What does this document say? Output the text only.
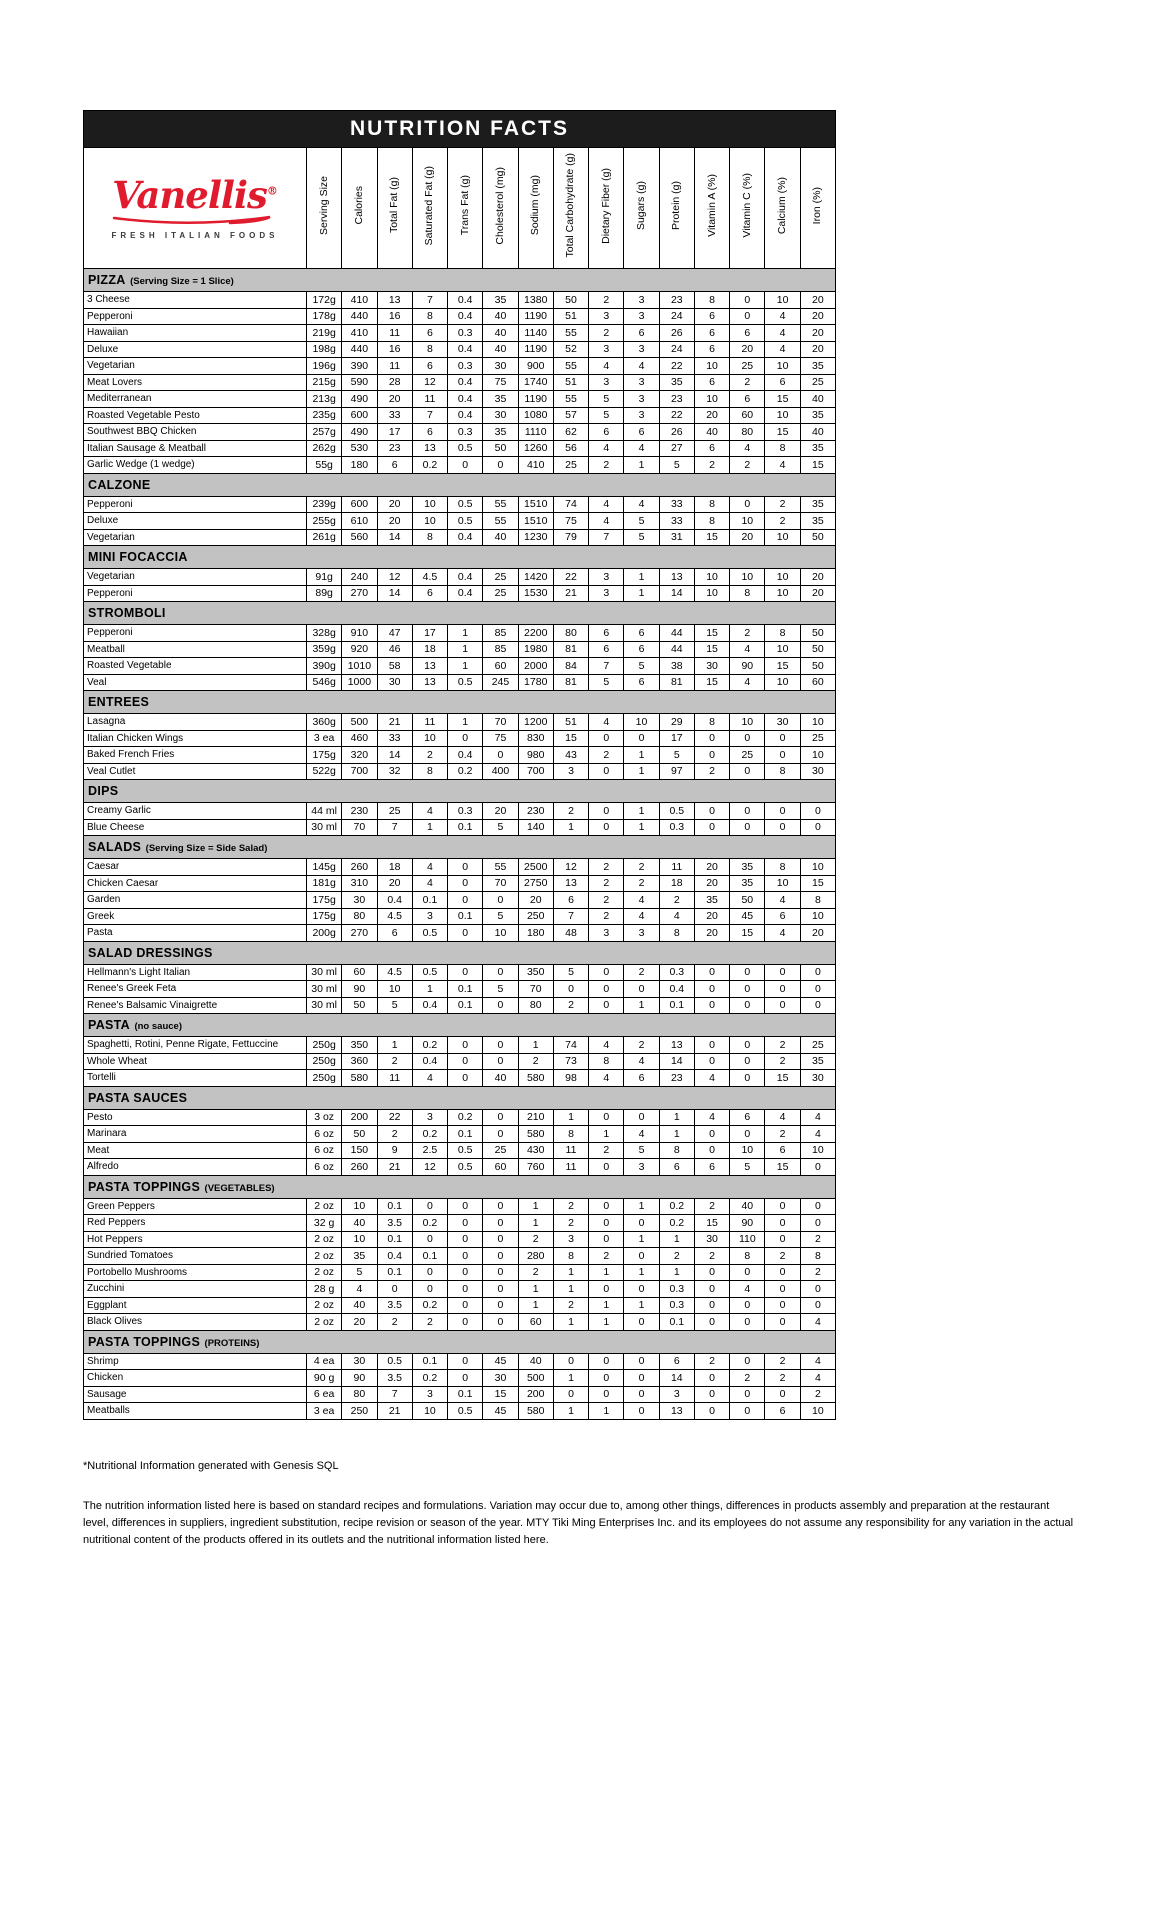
NUTRITION FACTS															

Vanellis®
FRESH ITALIAN FOODS	Serving Size	Calories	Total Fat (g)	Saturated Fat (g)	Trans Fat (g)	Cholesterol (mg)	Sodium (mg)	Total Carbohydrate (g)	Dietary Fiber (g)	Sugars (g)	Protein (g)	Vitamin A (%)	Vitamin C (%)	Calcium (%)	Iron (%)
PIZZA (Serving Size = 1 Slice)															
3 Cheese	172g	410	13	7	0.4	35	1380	50	2	3	23	8	0	10	20
Pepperoni	178g	440	16	8	0.4	40	1190	51	3	3	24	6	0	4	20
Hawaiian	219g	410	11	6	0.3	40	1140	55	2	6	26	6	6	4	20
Deluxe	198g	440	16	8	0.4	40	1190	52	3	3	24	6	20	4	20
Vegetarian	196g	390	11	6	0.3	30	900	55	4	4	22	10	25	10	35
Meat Lovers	215g	590	28	12	0.4	75	1740	51	3	3	35	6	2	6	25
Mediterranean	213g	490	20	11	0.4	35	1190	55	5	3	23	10	6	15	40
Roasted Vegetable Pesto	235g	600	33	7	0.4	30	1080	57	5	3	22	20	60	10	35
Southwest BBQ Chicken	257g	490	17	6	0.3	35	1110	62	6	6	26	40	80	15	40
Italian Sausage & Meatball	262g	530	23	13	0.5	50	1260	56	4	4	27	6	4	8	35
Garlic Wedge (1 wedge)	55g	180	6	0.2	0	0	410	25	2	1	5	2	2	4	15
CALZONE															
Pepperoni	239g	600	20	10	0.5	55	1510	74	4	4	33	8	0	2	35
Deluxe	255g	610	20	10	0.5	55	1510	75	4	5	33	8	10	2	35
Vegetarian	261g	560	14	8	0.4	40	1230	79	7	5	31	15	20	10	50
MINI FOCACCIA															
Vegetarian	91g	240	12	4.5	0.4	25	1420	22	3	1	13	10	10	10	20
Pepperoni	89g	270	14	6	0.4	25	1530	21	3	1	14	10	8	10	20
STROMBOLI															
Pepperoni	328g	910	47	17	1	85	2200	80	6	6	44	15	2	8	50
Meatball	359g	920	46	18	1	85	1980	81	6	6	44	15	4	10	50
Roasted Vegetable	390g	1010	58	13	1	60	2000	84	7	5	38	30	90	15	50
Veal	546g	1000	30	13	0.5	245	1780	81	5	6	81	15	4	10	60
ENTREES															
Lasagna	360g	500	21	11	1	70	1200	51	4	10	29	8	10	30	10
Italian Chicken Wings	3 ea	460	33	10	0	75	830	15	0	0	17	0	0	0	25
Baked French Fries	175g	320	14	2	0.4	0	980	43	2	1	5	0	25	0	10
Veal Cutlet	522g	700	32	8	0.2	400	700	3	0	1	97	2	0	8	30
DIPS															
Creamy Garlic	44 ml	230	25	4	0.3	20	230	2	0	1	0.5	0	0	0	0
Blue Cheese	30 ml	70	7	1	0.1	5	140	1	0	1	0.3	0	0	0	0
SALADS (Serving Size = Side Salad)															
Caesar	145g	260	18	4	0	55	2500	12	2	2	11	20	35	8	10
Chicken Caesar	181g	310	20	4	0	70	2750	13	2	2	18	20	35	10	15
Garden	175g	30	0.4	0.1	0	0	20	6	2	4	2	35	50	4	8
Greek	175g	80	4.5	3	0.1	5	250	7	2	4	4	20	45	6	10
Pasta	200g	270	6	0.5	0	10	180	48	3	3	8	20	15	4	20
SALAD DRESSINGS															
Hellmann's Light Italian	30 ml	60	4.5	0.5	0	0	350	5	0	2	0.3	0	0	0	0
Renee's Greek Feta	30 ml	90	10	1	0.1	5	70	0	0	0	0.4	0	0	0	0
Renee's Balsamic Vinaigrette	30 ml	50	5	0.4	0.1	0	80	2	0	1	0.1	0	0	0	0
PASTA (no sauce)															
Spaghetti, Rotini, Penne Rigate, Fettuccine	250g	350	1	0.2	0	0	1	74	4	2	13	0	0	2	25
Whole Wheat	250g	360	2	0.4	0	0	2	73	8	4	14	0	0	2	35
Tortelli	250g	580	11	4	0	40	580	98	4	6	23	4	0	15	30
PASTA SAUCES															
Pesto	3 oz	200	22	3	0.2	0	210	1	0	0	1	4	6	4	4
Marinara	6 oz	50	2	0.2	0.1	0	580	8	1	4	1	0	0	2	4
Meat	6 oz	150	9	2.5	0.5	25	430	11	2	5	8	0	10	6	10
Alfredo	6 oz	260	21	12	0.5	60	760	11	0	3	6	6	5	15	0
PASTA TOPPINGS (VEGETABLES)															
Green Peppers	2 oz	10	0.1	0	0	0	1	2	0	1	0.2	2	40	0	0
Red Peppers	32 g	40	3.5	0.2	0	0	1	2	0	0	0.2	15	90	0	0
Hot Peppers	2 oz	10	0.1	0	0	0	2	3	0	1	1	30	110	0	2
Sundried Tomatoes	2 oz	35	0.4	0.1	0	0	280	8	2	0	2	2	8	2	8
Portobello Mushrooms	2 oz	5	0.1	0	0	0	2	1	1	1	1	0	0	0	2
Zucchini	28 g	4	0	0	0	0	1	1	0	0	0.3	0	4	0	0
Eggplant	2 oz	40	3.5	0.2	0	0	1	2	1	1	0.3	0	0	0	0
Black Olives	2 oz	20	2	2	0	0	60	1	1	0	0.1	0	0	0	4
PASTA TOPPINGS (PROTEINS)															
Shrimp	4 ea	30	0.5	0.1	0	45	40	0	0	0	6	2	0	2	4
Chicken	90 g	90	3.5	0.2	0	30	500	1	0	0	14	0	2	2	4
Sausage	6 ea	80	7	3	0.1	15	200	0	0	0	3	0	0	0	2
Meatballs	3 ea	250	21	10	0.5	45	580	1	1	0	13	0	0	6	10
*Nutritional Information generated with Genesis SQL
The nutrition information listed here is based on standard recipes and formulations. Variation may occur due to, among other things, differences in products assembly and preparation at the restaurant level, differences in suppliers, ingredient substitution, recipe revision or season of the year. MTY Tiki Ming Enterprises Inc. and its employees do not assume any responsibility for any variation in the actual nutritional content of the products offered in its outlets and the nutritional information listed here.
